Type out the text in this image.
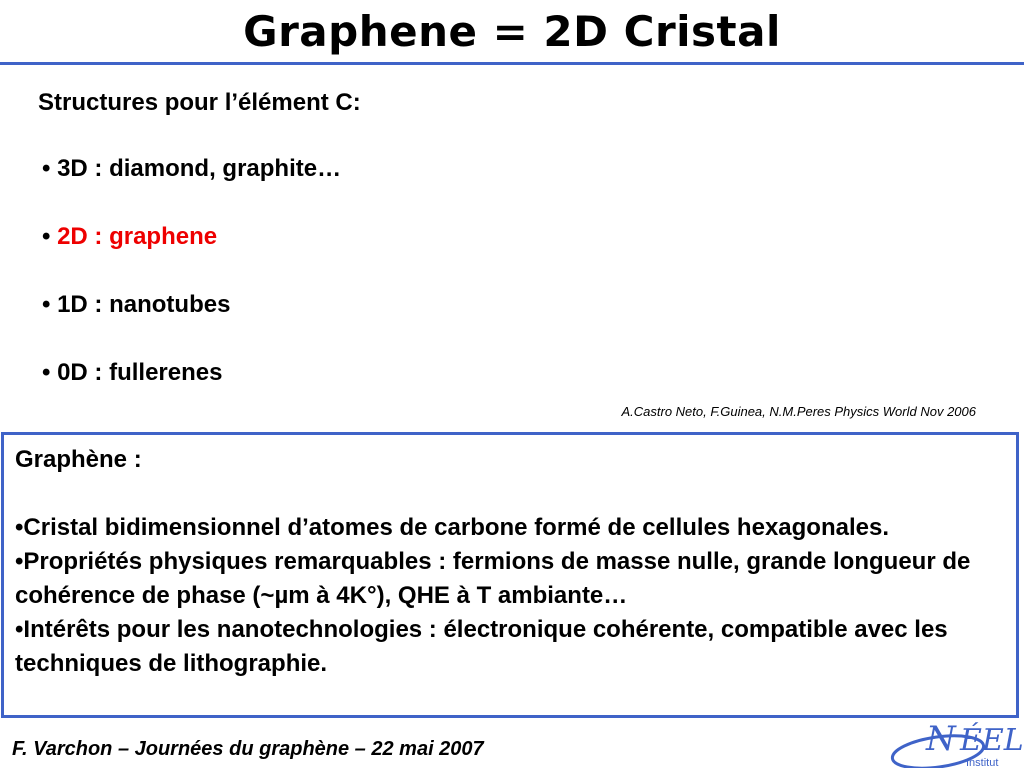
Graphene = 2D Cristal

Structures pour l’élément C:

• 3D : diamond, graphite…
• 2D : graphene
• 1D : nanotubes
• 0D : fullerenes
A.Castro Neto, F.Guinea, N.M.Peres Physics World Nov 2006

Graphène :

•Cristal bidimensionnel d’atomes de carbone formé de cellules hexagonales.

•Propriétés physiques remarquables : fermions de masse nulle, grande longueur de cohérence de phase (~µm à 4K°), QHE à T ambiante…

•Intérêts pour les nanotechnologies : électronique cohérente, compatible avec les techniques de lithographie.

F. Varchon – Journées du graphène – 22 mai 2007	N ÉEL
Institut
